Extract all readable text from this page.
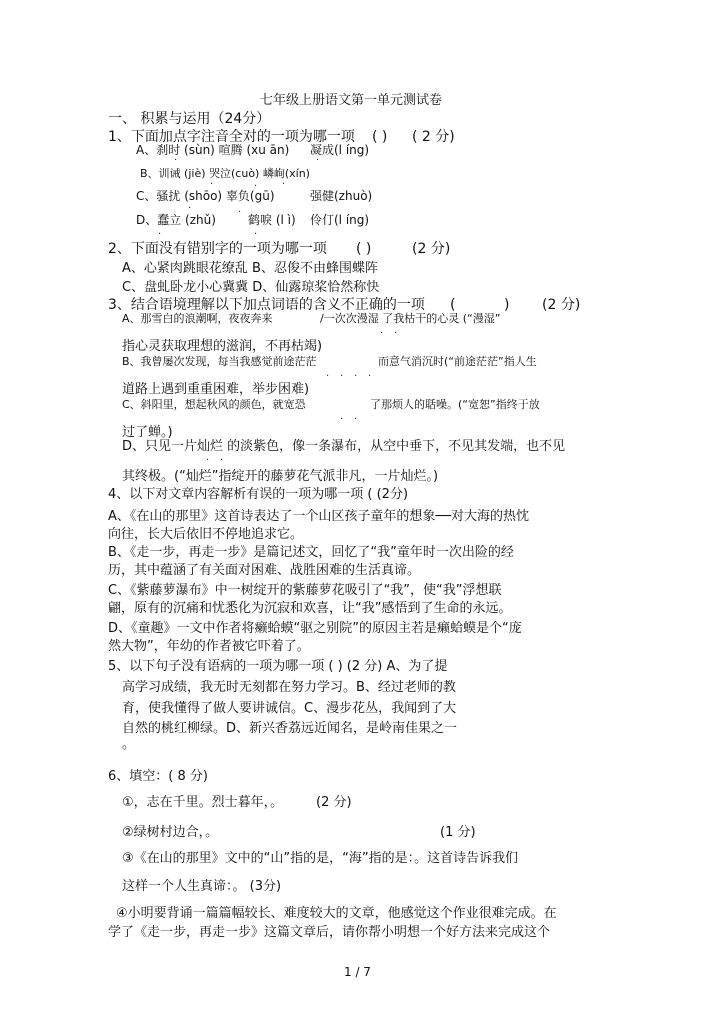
七年级上册语文第一单元测试卷
一、 积累与运用（24分）
1、下面加点字注音全对的一项为哪一项 ( ) ( 2 分)
A、刹时 (sùn) 喧腾 (xu ān) 凝成(l íng)
·	·
B、训诫 (jiè) 哭泣(cuò) 嶙峋(xín)
·	·
C、骚扰 (shōo) 辜负(gū)	强健(zhuò)
·
·
D、蠢立 (zhǔ)	鹤唳 (l ì) 伶仃(l íng)
·
·	·
2、下面没有错别字的一项为哪一项 ( )	(2 分)
A、心紧肉跳眼花缭乱 B、忍俊不由蜂围蝶阵
C、盘虬卧龙小心冀冀 D、仙露琼桨恰然称快
3、结合语境理解以下加点词语的含义不正确的一项 (	) (2 分)
A、那雪白的浪潮啊，夜夜奔来	/一次次漫湿 了我枯干的心灵 (“漫湿”
· ·
指心灵获取理想的滋润，不再枯竭)
B、我曾屡次发现，每当我感觉前途茫茫	而意气消沉时(“前途茫茫”指人生
· · · ·
道路上遇到重重困难，举步困难)
C、斜阳里，想起秋风的颜色，就宽恐	了那烦人的聒噪。(“宽恕”指终于放
· ·
过了蝉。)
D、只见一片灿烂 的淡紫色，像一条瀑布，从空中垂下，不见其发端，也不见
· ·
其终极。(“灿烂”指绽开的藤萝花气派非凡，一片灿烂。)
4、以下对文章内容解析有误的一项为哪一项 ( (2分)
A、《在山的那里》这首诗表达了一个山区孩子童年的想象──对大海的热忱
向往，长大后依旧不停地追求它。
B、《走一步，再走一步》是篇记述文，回忆了“我”童年时一次出险的经
历，其中蕴涵了有关面对困难、战胜困难的生活真谛。
C、《紫藤萝瀑布》中一树绽开的紫藤萝花吸引了“我”，使“我”浮想联
翩，原有的沉痛和忧悉化为沉寂和欢喜，让“我”感悟到了生命的永远。
D、《童趣》一文中作者将癞蛤蟆“驱之别院”的原因主若是癞蛤蟆是个“庞
然大物”，年幼的作者被它吓着了。
5、以下句子没有语病的一项为哪一项 ( ) (2 分) A、为了提
高学习成绩，我无时无刻都在努力学习。B、经过老师的教
育，使我懂得了做人要讲诚信。C、漫步花丛，我闻到了大
自然的桃红柳绿。D、新兴香荔远近闻名，是岭南佳果之一
。
6、填空：( 8 分)
①，志在千里。烈士暮年，。	(2 分)
②绿树村边合，。	(1 分)
③《在山的那里》文中的“山”指的是，“海”指的是：。这首诗告诉我们
这样一个人生真谛：。 (3分)
④小明要背诵一篇篇幅较长、难度较大的文章，他感觉这个作业很难完成。在
学了《走一步，再走一步》这篇文章后，请你帮小明想一个好方法来完成这个
1 / 7
